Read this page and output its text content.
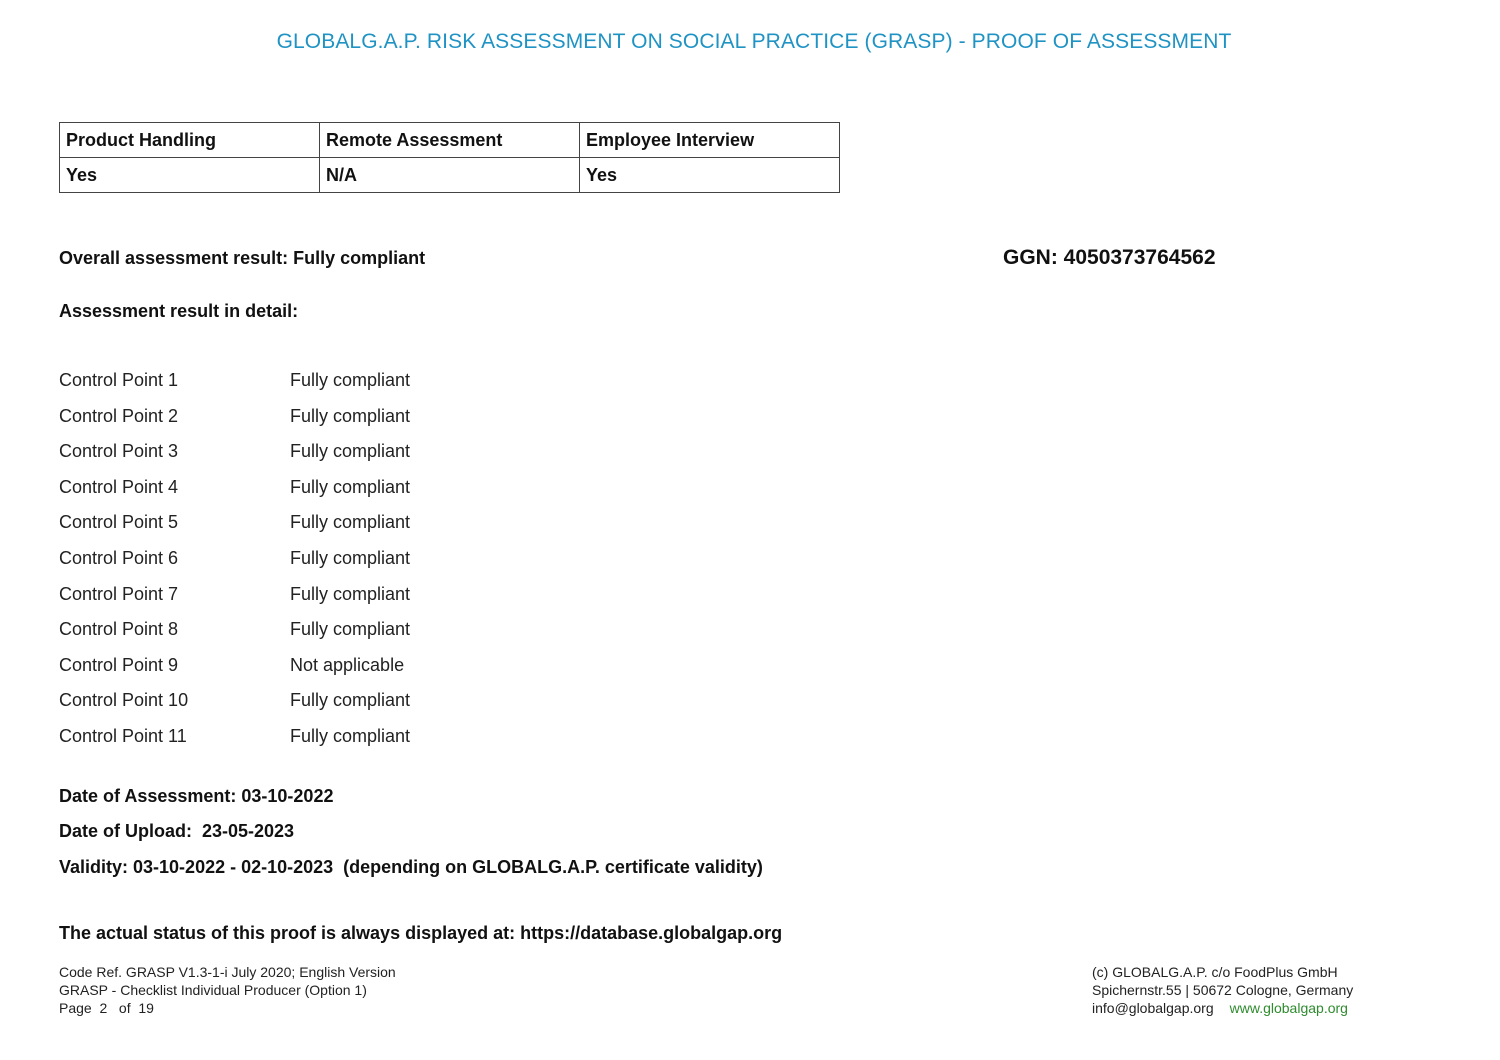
GLOBALG.A.P. RISK ASSESSMENT ON SOCIAL PRACTICE (GRASP) - PROOF OF ASSESSMENT
Product Handling	Remote Assessment	Employee Interview
Yes	N/A	Yes
Overall assessment result: Fully compliant	GGN: 4050373764562
Assessment result in detail:
Control Point 1	Fully compliant
Control Point 2	Fully compliant
Control Point 3	Fully compliant
Control Point 4	Fully compliant
Control Point 5	Fully compliant
Control Point 6	Fully compliant
Control Point 7	Fully compliant
Control Point 8	Fully compliant
Control Point 9	Not applicable
Control Point 10	Fully compliant
Control Point 11	Fully compliant
Date of Assessment: 03-10-2022
Date of Upload:  23-05-2023
Validity: 03-10-2022 - 02-10-2023  (depending on GLOBALG.A.P. certificate validity)
The actual status of this proof is always displayed at: https://database.globalgap.org
Code Ref. GRASP V1.3-1-i July 2020; English Version
GRASP - Checklist Individual Producer (Option 1)
Page  2   of  19
(c) GLOBALG.A.P. c/o FoodPlus GmbH
Spichernstr.55 | 50672 Cologne, Germany
info@globalgap.org www.globalgap.org
